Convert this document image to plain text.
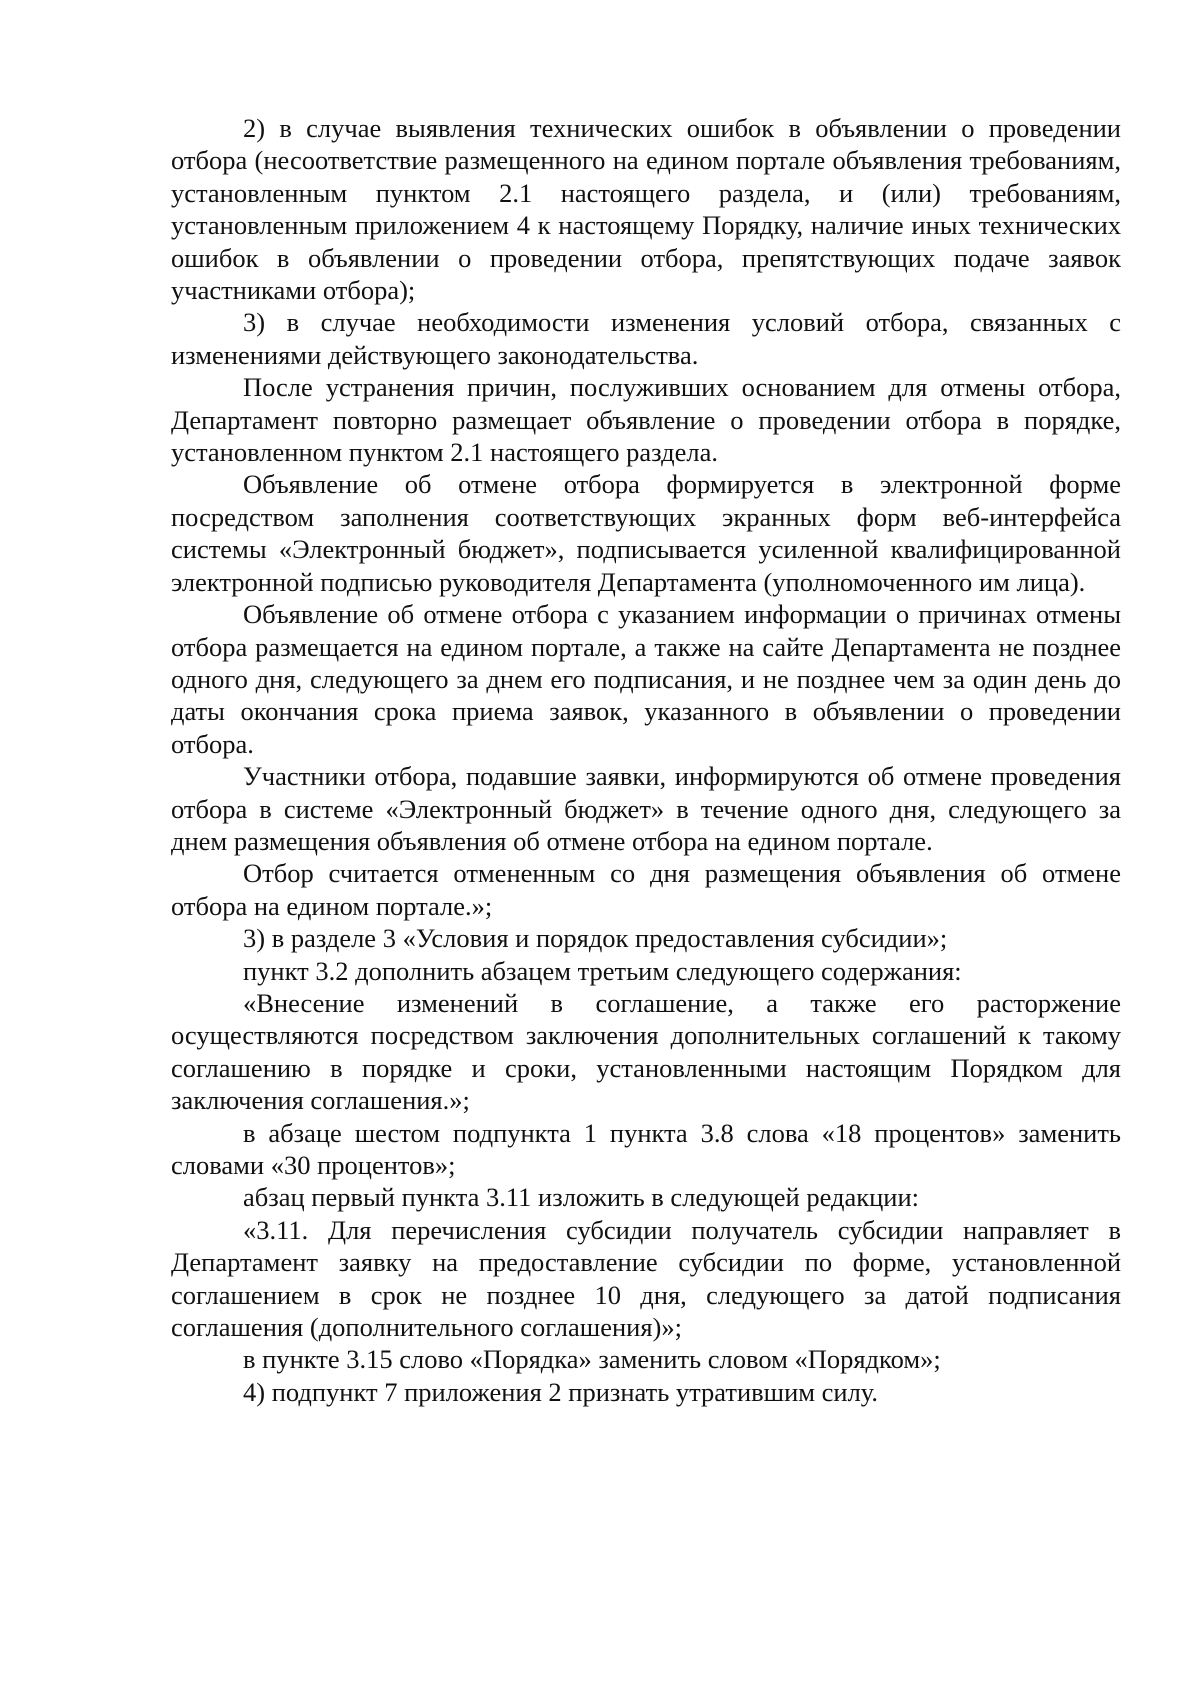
2) в случае выявления технических ошибок в объявлении о проведении отбора (несоответствие размещенного на едином портале объявления требованиям, установленным пунктом 2.1 настоящего раздела, и (или) требованиям, установленным приложением 4 к настоящему Порядку, наличие иных технических ошибок в объявлении о проведении отбора, препятствующих подаче заявок участниками отбора);

3) в случае необходимости изменения условий отбора, связанных с изменениями действующего законодательства.

После устранения причин, послуживших основанием для отмены отбора, Департамент повторно размещает объявление о проведении отбора в порядке, установленном пунктом 2.1 настоящего раздела.

Объявление об отмене отбора формируется в электронной форме посредством заполнения соответствующих экранных форм веб-интерфейса системы «Электронный бюджет», подписывается усиленной квалифицированной электронной подписью руководителя Департамента (уполномоченного им лица).

Объявление об отмене отбора с указанием информации о причинах отмены отбора размещается на едином портале, а также на сайте Департамента не позднее одного дня, следующего за днем его подписания, и не позднее чем за один день до даты окончания срока приема заявок, указанного в объявлении о проведении отбора.

Участники отбора, подавшие заявки, информируются об отмене проведения отбора в системе «Электронный бюджет» в течение одного дня, следующего за днем размещения объявления об отмене отбора на едином портале.

Отбор считается отмененным со дня размещения объявления об отмене отбора на едином портале.»;

3) в разделе 3 «Условия и порядок предоставления субсидии»;

пункт 3.2 дополнить абзацем третьим следующего содержания:

«Внесение изменений в соглашение, а также его расторжение осуществляются посредством заключения дополнительных соглашений к такому соглашению в порядке и сроки, установленными настоящим Порядком для заключения соглашения.»;

в абзаце шестом подпункта 1 пункта 3.8 слова «18 процентов» заменить словами «30 процентов»;

абзац первый пункта 3.11 изложить в следующей редакции:

«3.11. Для перечисления субсидии получатель субсидии направляет в Департамент заявку на предоставление субсидии по форме, установленной соглашением в срок не позднее 10 дня, следующего за датой подписания соглашения (дополнительного соглашения)»;

в пункте 3.15 слово «Порядка» заменить словом «Порядком»;

4) подпункт 7 приложения 2 признать утратившим силу.
